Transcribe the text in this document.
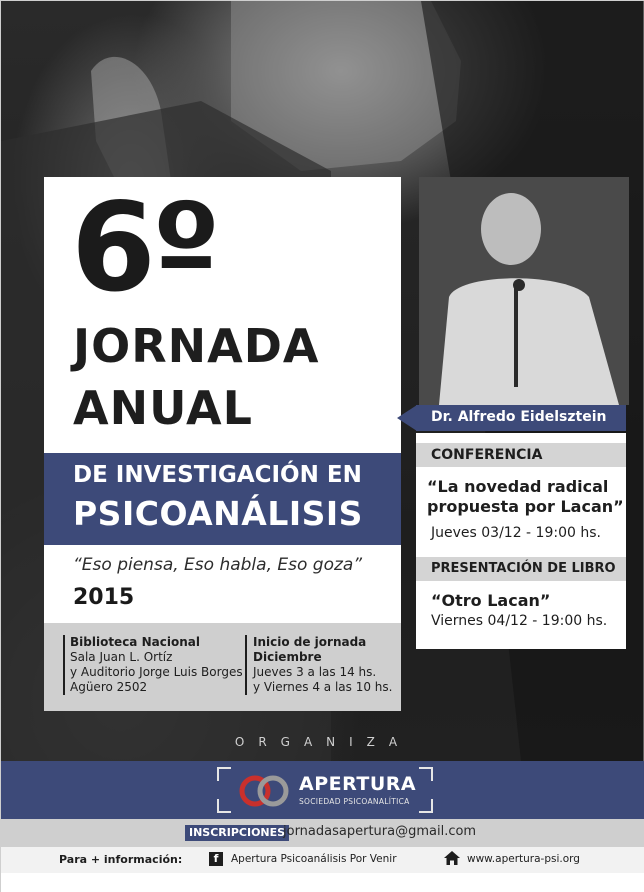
6º
JORNADA
ANUAL
DE INVESTIGACIÓN EN
PSICOANÁLISIS
“Eso piensa, Eso habla, Eso goza”
2015
Biblioteca Nacional
Sala Juan L. Ortíz
y Auditorio Jorge Luis Borges
Agüero 2502
Inicio de jornada
Diciembre
Jueves 3 a las 14 hs.
y Viernes 4 a las 10 hs.
Dr. Alfredo Eidelsztein
CONFERENCIA
“La novedad radical
propuesta por Lacan”
Jueves 03/12 - 19:00 hs.
PRESENTACIÓN DE LIBRO
“Otro Lacan”
Viernes 04/12 - 19:00 hs.
ORGANIZA
APERTURA
SOCIEDAD PSICOANALÍTICA
INSCRIPCIONES
jornadasapertura@gmail.com
Para + información:	f	Apertura Psicoanálisis Por Venir	www.apertura-psi.org
